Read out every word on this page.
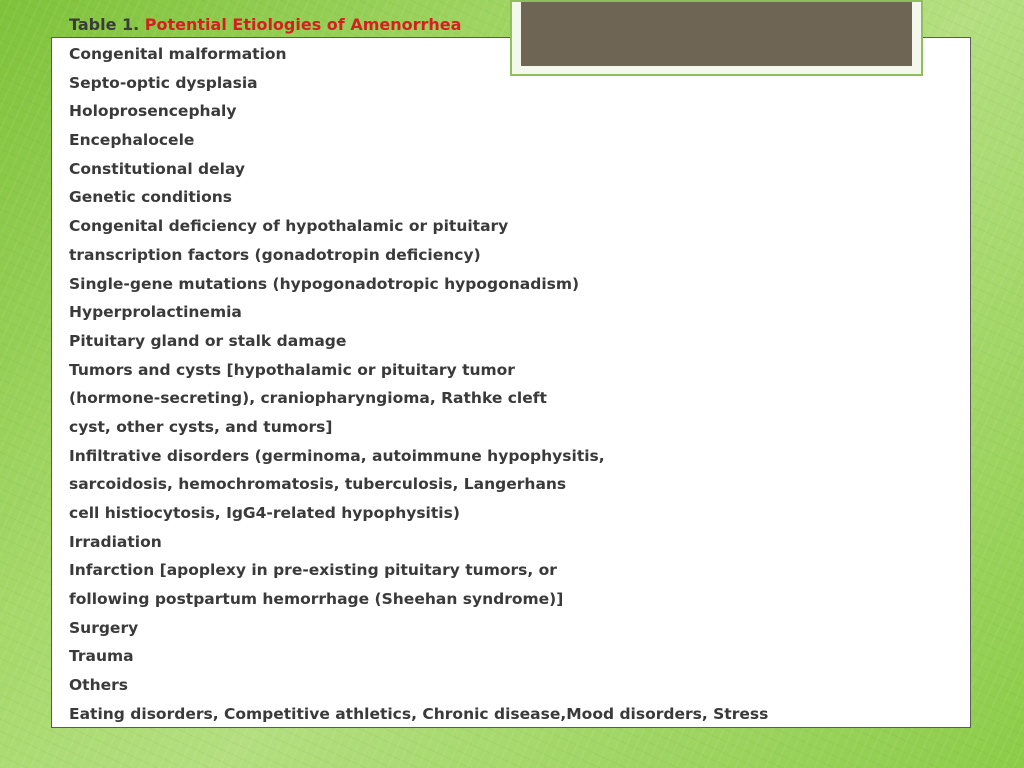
Table 1. Potential Etiologies of Amenorrhea
Congenital malformation
Septo-optic dysplasia
Holoprosencephaly
Encephalocele
Constitutional delay
Genetic conditions
Congenital deficiency of hypothalamic or pituitary
transcription factors (gonadotropin deficiency)
Single-gene mutations (hypogonadotropic hypogonadism)
Hyperprolactinemia
Pituitary gland or stalk damage
Tumors and cysts [hypothalamic or pituitary tumor
(hormone-secreting), craniopharyngioma, Rathke cleft
cyst, other cysts, and tumors]
Infiltrative disorders (germinoma, autoimmune hypophysitis,
sarcoidosis, hemochromatosis, tuberculosis, Langerhans
cell histiocytosis, IgG4-related hypophysitis)
Irradiation
Infarction [apoplexy in pre-existing pituitary tumors, or
following postpartum hemorrhage (Sheehan syndrome)]
Surgery
Trauma
Others
Eating disorders, Competitive athletics, Chronic disease,Mood disorders, Stress
